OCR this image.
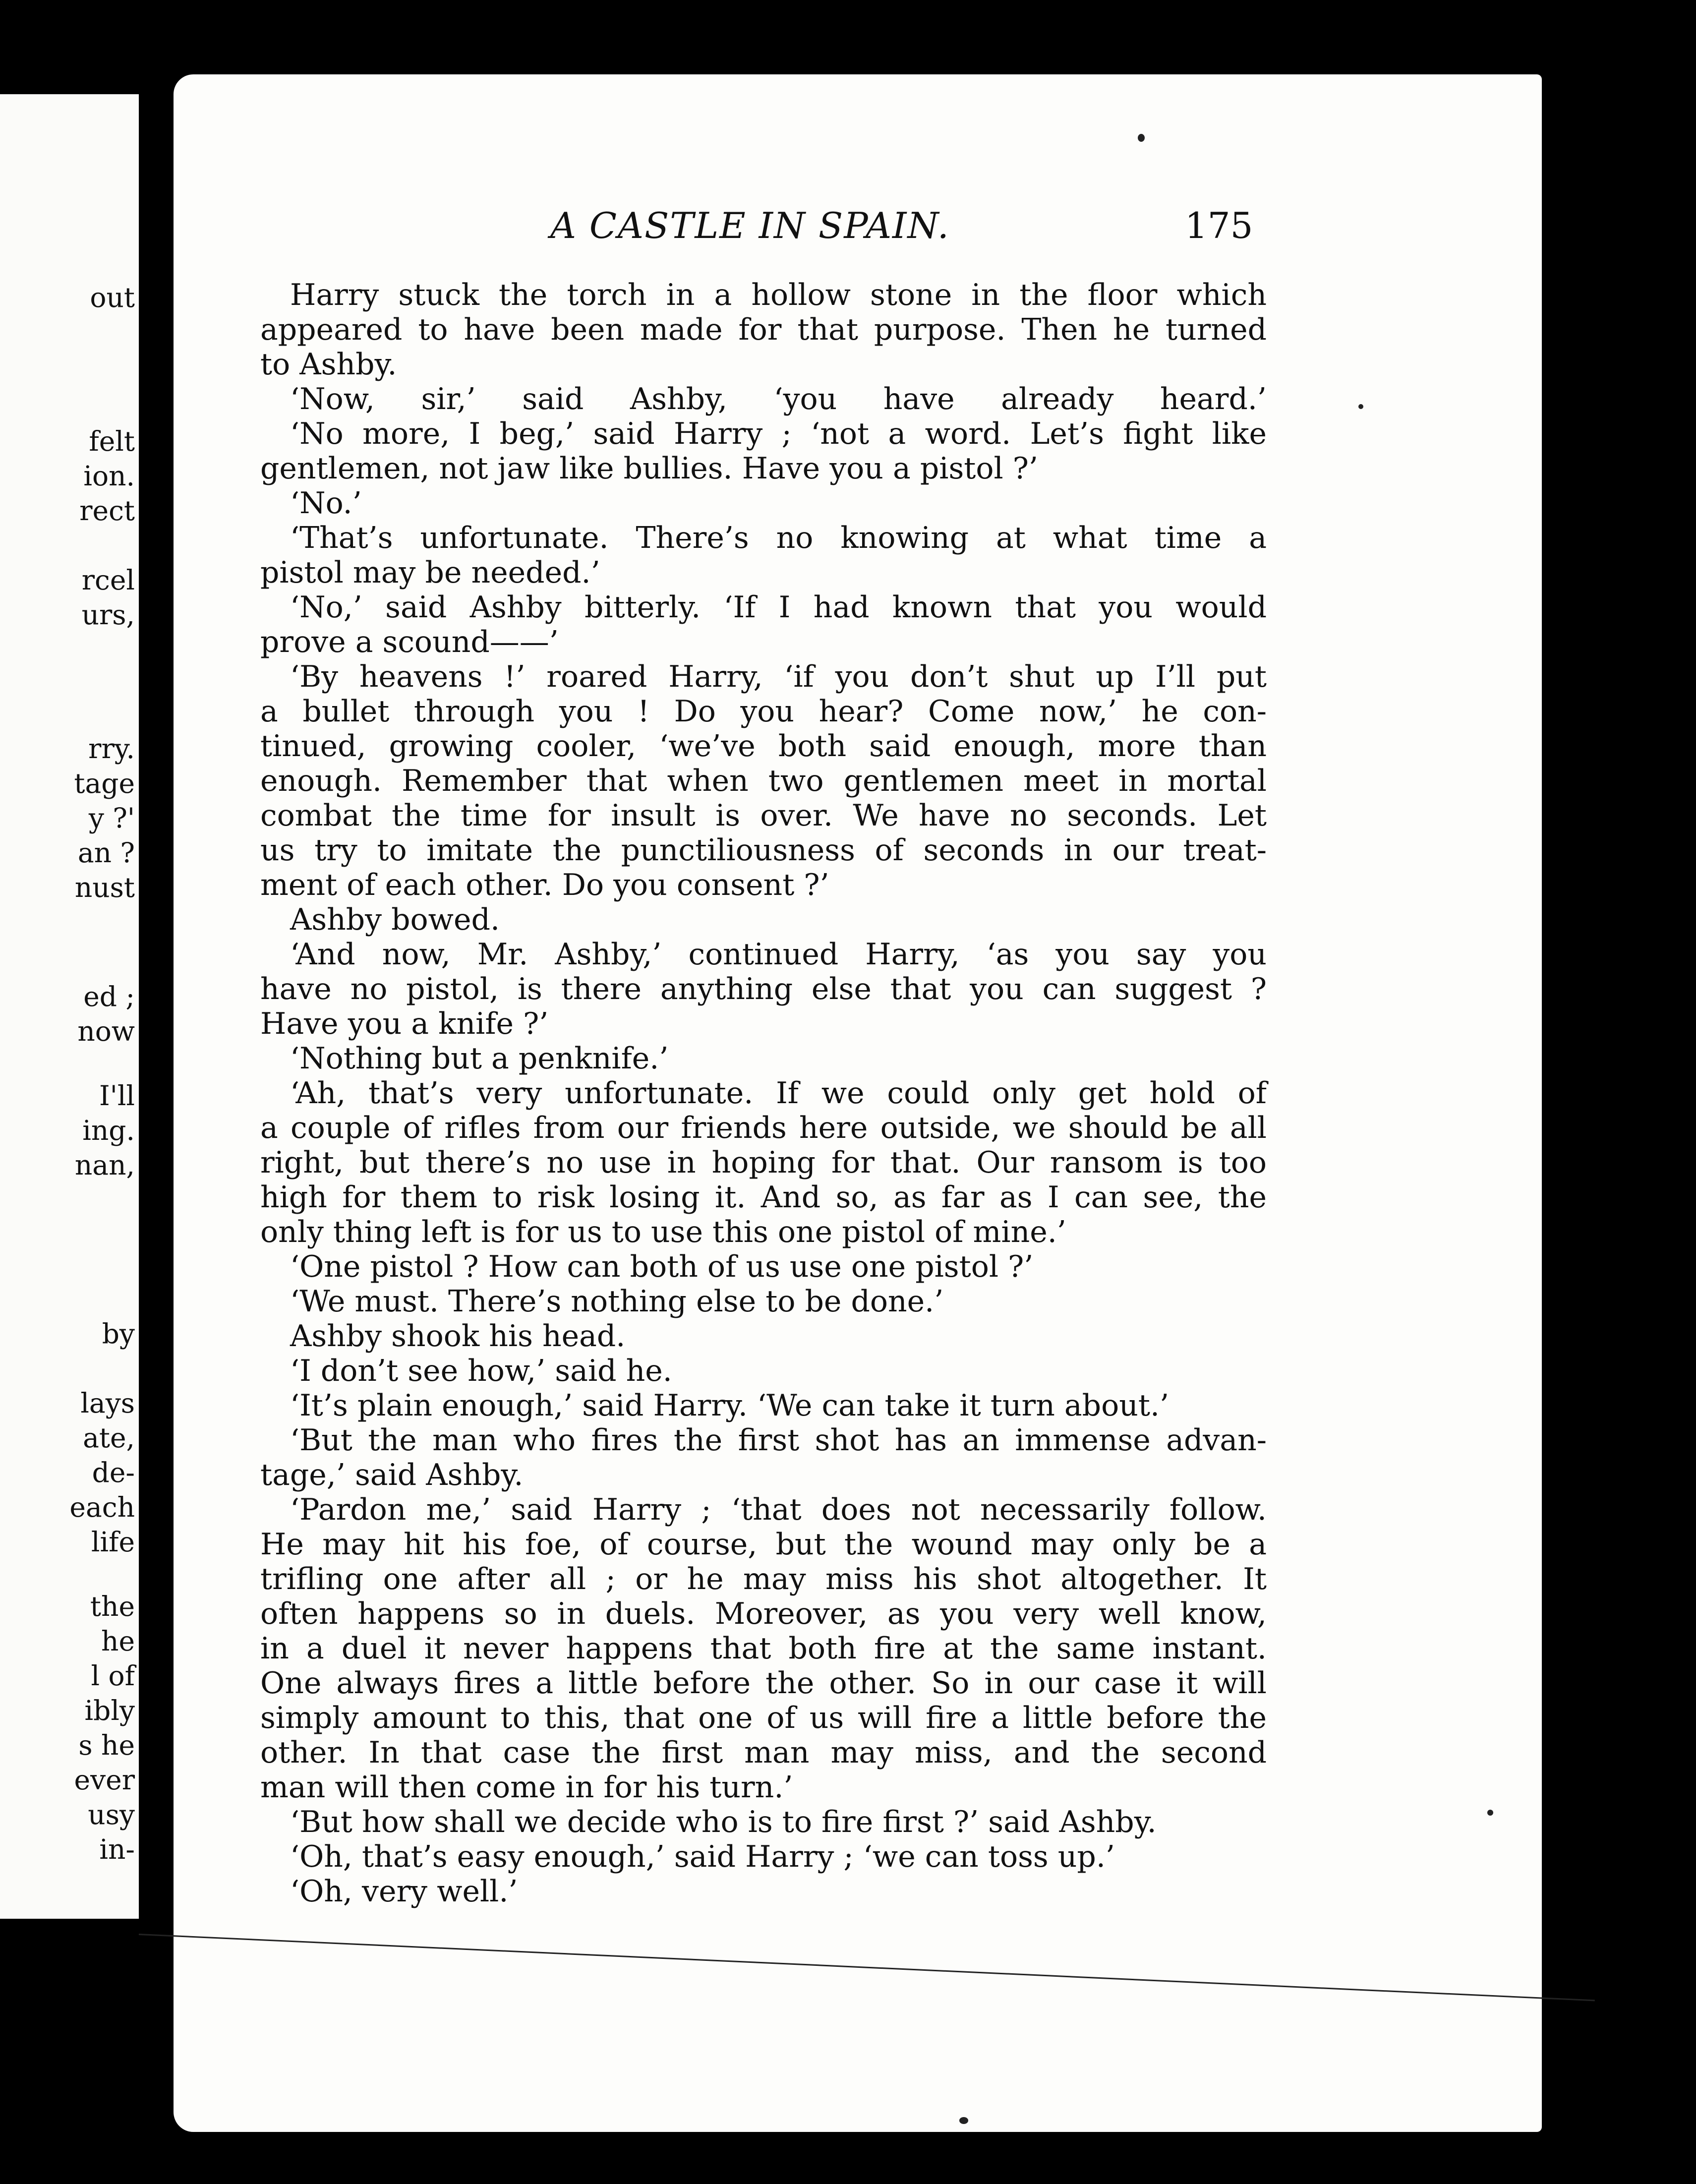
out
felt
ion.
rect
rcel
urs,
rry.
tage
y ?'
an ?
nust
ed ;
now
I'll
ing.
nan,
by
lays
ate,
de-
each
life
the
he
l of
ibly
s he
ever
usy
in-
A CASTLE IN SPAIN.	175
Harry stuck the torch in a hollow stone in the floor which
appeared to have been made for that purpose. Then he turned
to Ashby.
‘Now, sir,’ said Ashby, ‘you have already heard.’
‘No more, I beg,’ said Harry ; ‘not a word. Let’s fight like
gentlemen, not jaw like bullies. Have you a pistol ?’
‘No.’
‘That’s unfortunate. There’s no knowing at what time a
pistol may be needed.’
‘No,’ said Ashby bitterly. ‘If I had known that you would
prove a scound——’
‘By heavens !’ roared Harry, ‘if you don’t shut up I’ll put
a bullet through you ! Do you hear? Come now,’ he con-
tinued, growing cooler, ‘we’ve both said enough, more than
enough. Remember that when two gentlemen meet in mortal
combat the time for insult is over. We have no seconds. Let
us try to imitate the punctiliousness of seconds in our treat-
ment of each other. Do you consent ?’
Ashby bowed.
‘And now, Mr. Ashby,’ continued Harry, ‘as you say you
have no pistol, is there anything else that you can suggest ?
Have you a knife ?’
‘Nothing but a penknife.’
‘Ah, that’s very unfortunate. If we could only get hold of
a couple of rifles from our friends here outside, we should be all
right, but there’s no use in hoping for that. Our ransom is too
high for them to risk losing it. And so, as far as I can see, the
only thing left is for us to use this one pistol of mine.’
‘One pistol ? How can both of us use one pistol ?’
‘We must. There’s nothing else to be done.’
Ashby shook his head.
‘I don’t see how,’ said he.
‘It’s plain enough,’ said Harry. ‘We can take it turn about.’
‘But the man who fires the first shot has an immense advan-
tage,’ said Ashby.
‘Pardon me,’ said Harry ; ‘that does not necessarily follow.
He may hit his foe, of course, but the wound may only be a
trifling one after all ; or he may miss his shot altogether. It
often happens so in duels. Moreover, as you very well know,
in a duel it never happens that both fire at the same instant.
One always fires a little before the other. So in our case it will
simply amount to this, that one of us will fire a little before the
other. In that case the first man may miss, and the second
man will then come in for his turn.’
‘But how shall we decide who is to fire first ?’ said Ashby.
‘Oh, that’s easy enough,’ said Harry ; ‘we can toss up.’
‘Oh, very well.’
